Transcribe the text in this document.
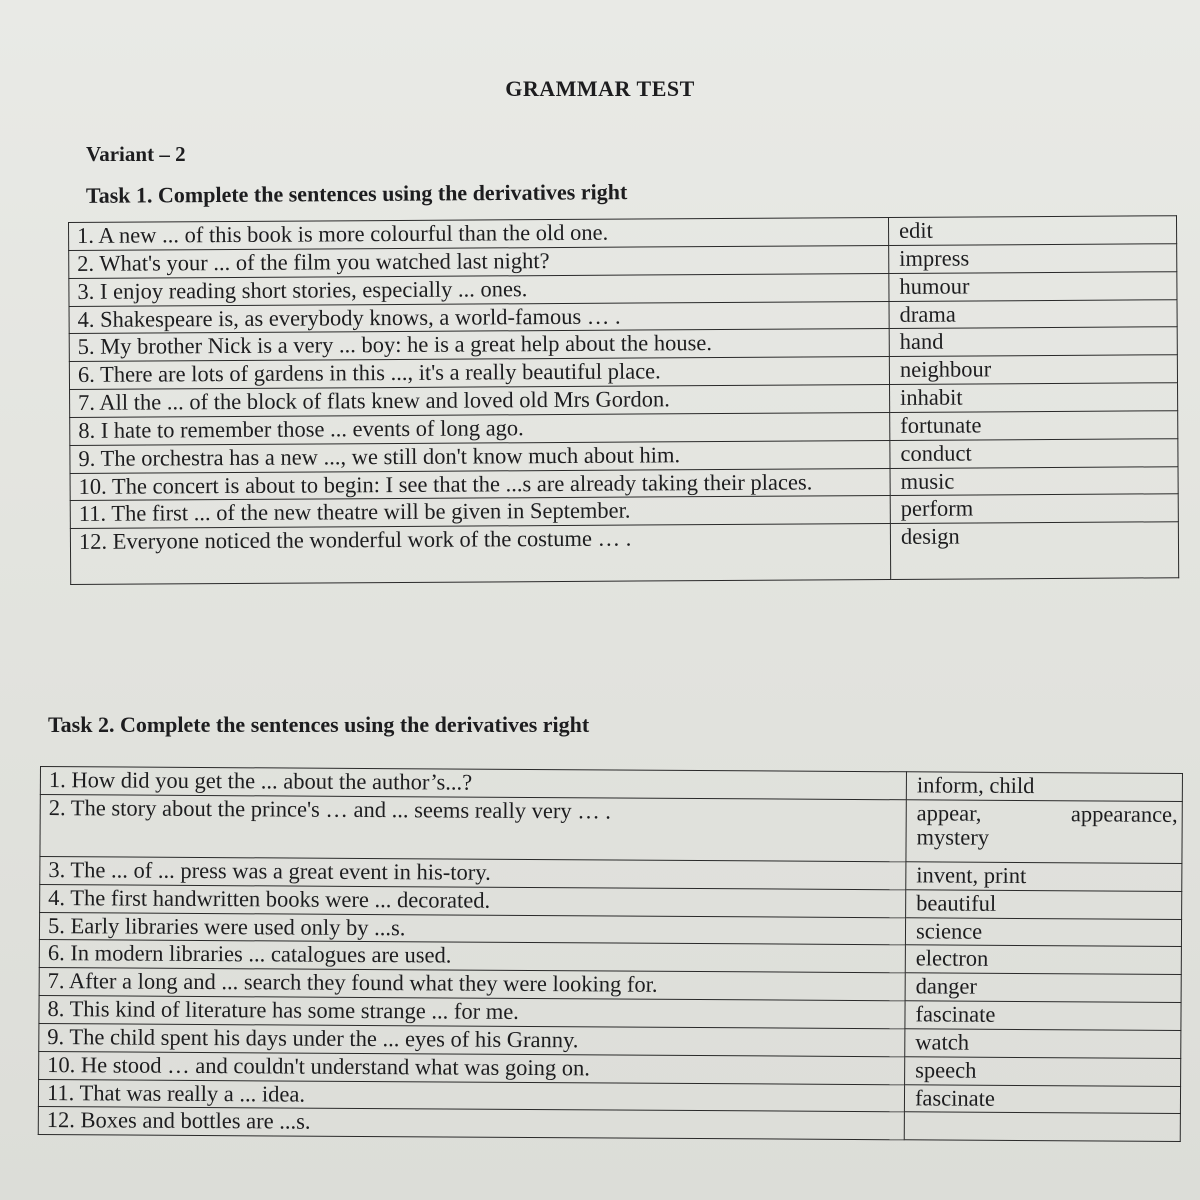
GRAMMAR TEST
Variant – 2
Task 1. Complete the sentences using the derivatives right
1. A new ... of this book is more colourful than the old one.	edit
2. What's your ... of the film you watched last night?	impress
3. I enjoy reading short stories, especially ... ones.	humour
4. Shakespeare is, as everybody knows, a world-famous … .	drama
5. My brother Nick is a very ... boy: he is a great help about the house.	hand
6. There are lots of gardens in this ..., it's a really beautiful place.	neighbour
7. All the ... of the block of flats knew and loved old Mrs Gordon.	inhabit
8. I hate to remember those ... events of long ago.	fortunate
9. The orchestra has a new ..., we still don't know much about him.	conduct
10. The concert is about to begin: I see that the ...s are already taking their places.	music
11. The first ... of the new theatre will be given in September.	perform
12. Everyone noticed the wonderful work of the costume … .	design
Task 2. Complete the sentences using the derivatives right
1. How did you get the ... about the author’s...?	inform, child
2. The story about the prince's … and ... seems really very … .	appear, appearance,
mystery

3. The ... of ... press was a great event in his-tory.	invent, print
4. The first handwritten books were ... decorated.	beautiful
5. Early libraries were used only by ...s.	science
6. In modern libraries ... catalogues are used.	electron
7. After a long and ... search they found what they were looking for.	danger
8. This kind of literature has some strange ... for me.	fascinate
9. The child spent his days under the ... eyes of his Granny.	watch
10. He stood … and couldn't understand what was going on.	speech
11. That was really a ... idea.	fascinate
12. Boxes and bottles are ...s.	
